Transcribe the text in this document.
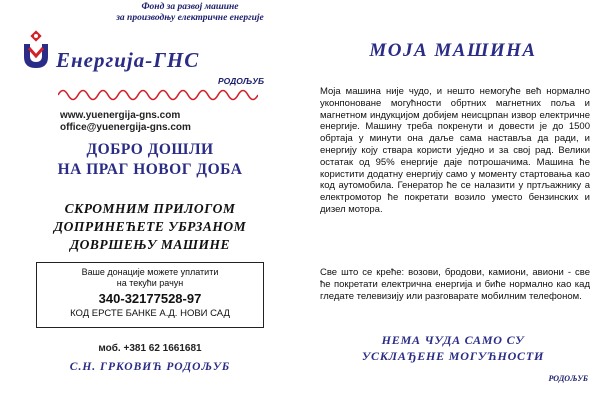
Фонд за развој машине
за производњу електричне енергије
Енергија-ГНС
РОДОЉУБ
www.yuenergija-gns.com
office@yuenergija-gns.com
ДОБРО ДОШЛИ
НА ПРАГ НОВОГ ДОБА
СКРОМНИМ ПРИЛОГОМ
ДОПРИНЕЋЕТЕ УБРЗАНОМ
ДОВРШЕЊУ МАШИНЕ
Ваше донације можете уплатити
на текући рачун
340-32177528-97
КОД ЕРСТЕ БАНКЕ А.Д. НОВИ САД
моб. +381 62 1661681
С.Н. ГРКОВИЋ РОДОЉУБ
МОЈА МАШИНА
Моја машина није чудо, и нешто немогуће већ нормално уконпоноване могућности обртних магнетних поља и магнетном индукцијом добијем неисцрпан извор електричне енергије. Машину треба покренути и довести је до 1500 обртаја у минути она даље сама наставља да ради, и енергију коју ствара користи уједно и за свој рад. Велики остатак од 95% енергије даје потрошачима. Машина ће користити додатну енергију само у моменту стартовања као код аутомобила. Генератор ће се налазити у пртљажнику а електромотор ће покретати возило уместо бензинских и дизел мотора.
Све што се креће: возови, бродови, камиони, авиони - све ће покретати електрична енергија и биће нормално као кад гледате телевизију или разговарате мобилним телефоном.
НЕМА ЧУДА САМО СУ
УСКЛАЂЕНЕ МОГУЋНОСТИ
РОДОЉУБ
